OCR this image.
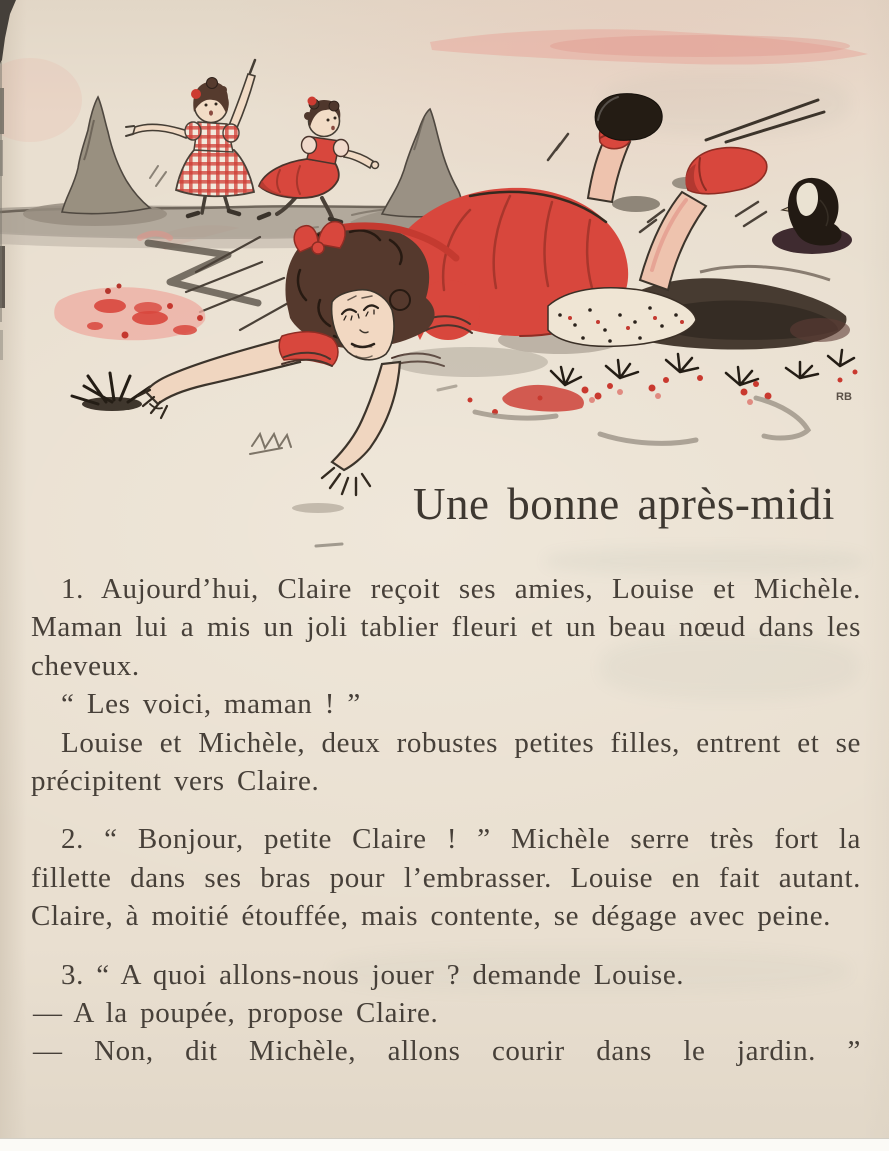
RB
Une bonne après-midi

1. Aujourd’hui, Claire reçoit ses amies, Louise et Michèle. Maman lui a mis un joli tablier fleuri et un beau nœud dans les cheveux.

“ Les voici, maman ! ”

Louise et Michèle, deux robustes petites filles, entrent et se précipitent vers Claire.

2. “ Bonjour, petite Claire ! ” Michèle serre très fort la fillette dans ses bras pour l’embrasser. Louise en fait autant. Claire, à moitié étouffée, mais contente, se dégage avec peine.

3. “ A quoi allons-nous jouer ? demande Louise.

— A la poupée, propose Claire.

— Non, dit Michèle, allons courir dans le jardin. ”
